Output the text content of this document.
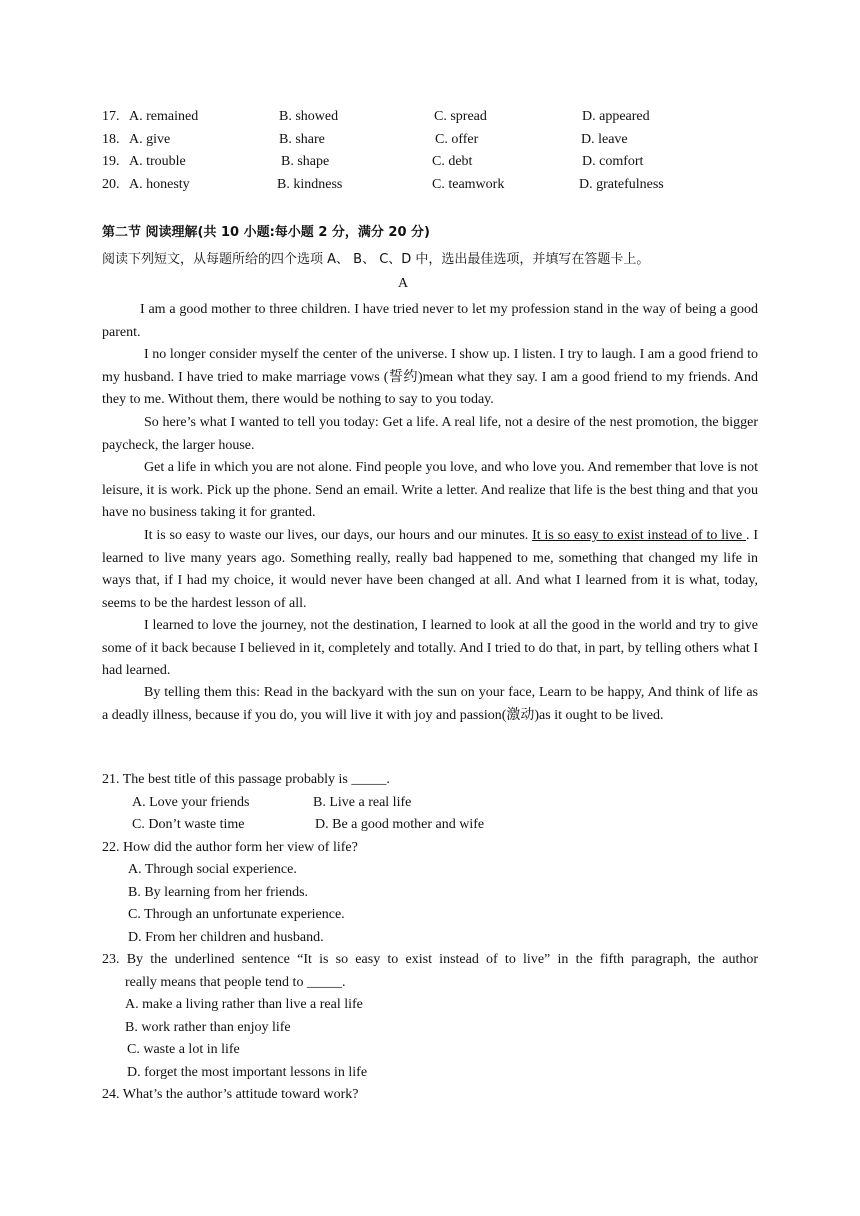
17. A. remained	B. showed	C. spread	D. appeared
18. A. give	B. share	C. offer	D. leave
19. A. trouble	B. shape	C. debt	D. comfort
20. A. honesty	B. kindness	C. teamwork	D. gratefulness
第二节 阅读理解(共 10 小题:每小题 2 分，满分 20 分)
阅读下列短文，从每题所给的四个选项 A、 B、 C、D 中，选出最佳选项，并填写在答题卡上。
A

I am a good mother to three children. I have tried never to let my profession stand in the way of being a good parent.

I no longer consider myself the center of the universe. I show up. I listen. I try to laugh. I am a good friend to my husband. I have tried to make marriage vows (誓约)mean what they say. I am a good friend to my friends. And they to me. Without them, there would be nothing to say to you today.

So here’s what I wanted to tell you today: Get a life. A real life, not a desire of the nest promotion, the bigger paycheck, the larger house.

Get a life in which you are not alone. Find people you love, and who love you. And remember that love is not leisure, it is work. Pick up the phone. Send an email. Write a letter. And realize that life is the best thing and that you have no business taking it for granted.

It is so easy to waste our lives, our days, our hours and our minutes. It is so easy to exist instead of to live . I learned to live many years ago. Something really, really bad happened to me, something that changed my life in ways that, if I had my choice, it would never have been changed at all. And what I learned from it is what, today, seems to be the hardest lesson of all.

I learned to love the journey, not the destination, I learned to look at all the good in the world and try to give some of it back because I believed in it, completely and totally. And I tried to do that, in part, by telling others what I had learned.

By telling them this: Read in the backyard with the sun on your face, Learn to be happy, And think of life as a deadly illness, because if you do, you will live it with joy and passion(激动)as it ought to be lived.

21. The best title of this passage probably is _____.
A. Love your friends	B. Live a real life
C. Don’t waste time	D. Be a good mother and wife
22. How did the author form her view of life?
A. Through social experience.
B. By learning from her friends.
C. Through an unfortunate experience.
D. From her children and husband.
23. By the underlined sentence “It is so easy to exist instead of to live” in the fifth paragraph, the author
really means that people tend to _____.
A. make a living rather than live a real life
B. work rather than enjoy life
C. waste a lot in life
D. forget the most important lessons in life
24. What’s the author’s attitude toward work?
